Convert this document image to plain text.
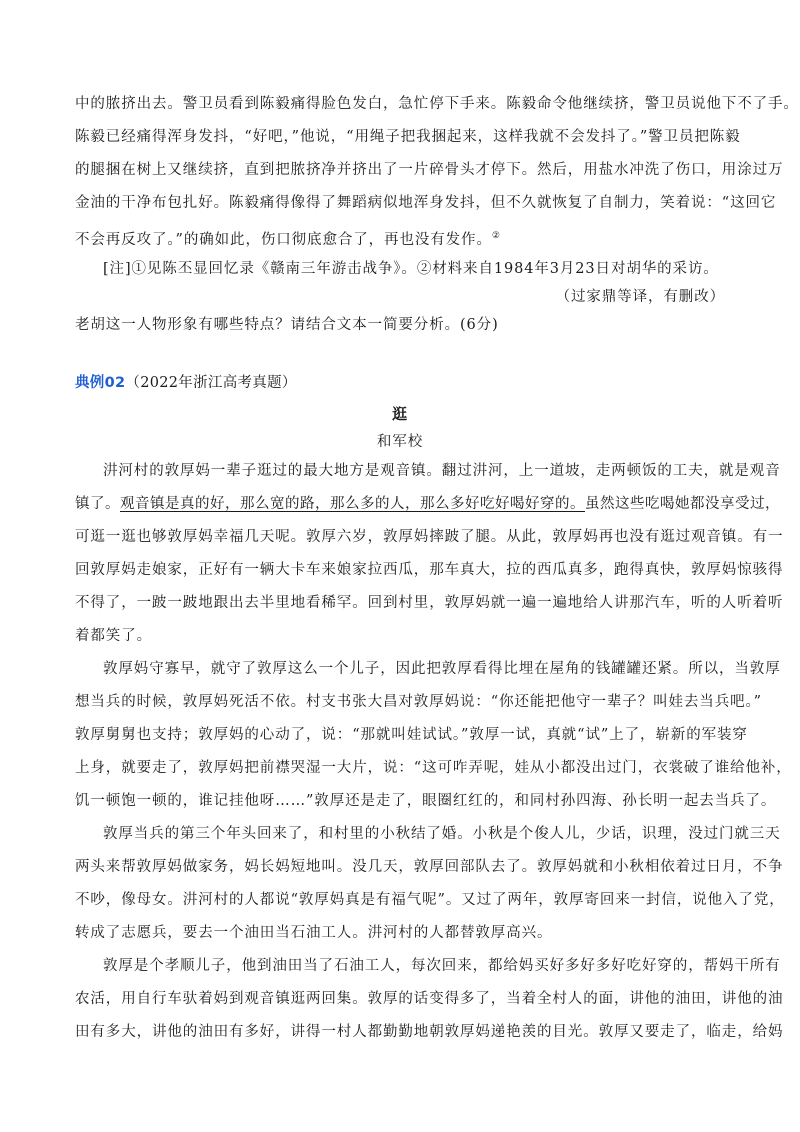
中的脓挤出去。警卫员看到陈毅痛得脸色发白，急忙停下手来。陈毅命令他继续挤，警卫员说他下不了手。
陈毅已经痛得浑身发抖，“好吧，”他说，“用绳子把我捆起来，这样我就不会发抖了。”警卫员把陈毅
的腿捆在树上又继续挤，直到把脓挤净并挤出了一片碎骨头才停下。然后，用盐水冲洗了伤口，用涂过万
金油的干净布包扎好。陈毅痛得像得了舞蹈病似地浑身发抖，但不久就恢复了自制力，笑着说：“这回它
不会再反攻了。”的确如此，伤口彻底愈合了，再也没有发作。②
[注]①见陈丕显回忆录《赣南三年游击战争》。②材料来自1984年3月23日对胡华的采访。
（过家鼎等译，有删改）
老胡这一人物形象有哪些特点？请结合文本一简要分析。(6分)
典例02（2022年浙江高考真题）
逛
和军校
汫河村的敦厚妈一辈子逛过的最大地方是观音镇。翻过汫河，上一道坡，走两顿饭的工夫，就是观音
镇了。观音镇是真的好，那么宽的路，那么多的人，那么多好吃好喝好穿的。虽然这些吃喝她都没享受过，
可逛一逛也够敦厚妈幸福几天呢。敦厚六岁，敦厚妈摔跛了腿。从此，敦厚妈再也没有逛过观音镇。有一
回敦厚妈走娘家，正好有一辆大卡车来娘家拉西瓜，那车真大，拉的西瓜真多，跑得真快，敦厚妈惊骇得
不得了，一跛一跛地跟出去半里地看稀罕。回到村里，敦厚妈就一遍一遍地给人讲那汽车，听的人听着听
着都笑了。
敦厚妈守寡早，就守了敦厚这么一个儿子，因此把敦厚看得比埋在屋角的钱罐罐还紧。所以，当敦厚
想当兵的时候，敦厚妈死活不依。村支书张大昌对敦厚妈说：“你还能把他守一辈子？叫娃去当兵吧。”
敦厚舅舅也支持；敦厚妈的心动了，说：“那就叫娃试试。”敦厚一试，真就“试”上了，崭新的军装穿
上身，就要走了，敦厚妈把前襟哭湿一大片，说：“这可咋弄呢，娃从小都没出过门，衣裳破了谁给他补，
饥一顿饱一顿的，谁记挂他呀……”敦厚还是走了，眼圈红红的，和同村孙四海、孙长明一起去当兵了。
敦厚当兵的第三个年头回来了，和村里的小秋结了婚。小秋是个俊人儿，少话，识理，没过门就三天
两头来帮敦厚妈做家务，妈长妈短地叫。没几天，敦厚回部队去了。敦厚妈就和小秋相依着过日月，不争
不吵，像母女。汫河村的人都说“敦厚妈真是有福气呢”。又过了两年，敦厚寄回来一封信，说他入了党，
转成了志愿兵，要去一个油田当石油工人。汫河村的人都替敦厚高兴。
敦厚是个孝顺儿子，他到油田当了石油工人，每次回来，都给妈买好多好多好吃好穿的，帮妈干所有
农活，用自行车驮着妈到观音镇逛两回集。敦厚的话变得多了，当着全村人的面，讲他的油田，讲他的油
田有多大，讲他的油田有多好，讲得一村人都勤勤地朝敦厚妈递艳羡的目光。敦厚又要走了，临走，给妈
